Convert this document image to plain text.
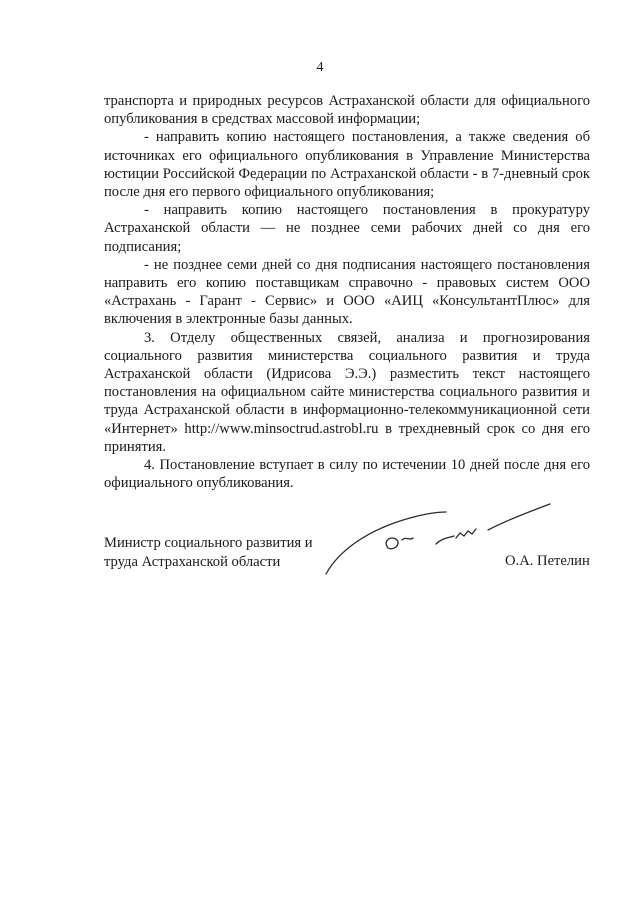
4

транспорта и природных ресурсов Астраханской области для официального опубликования в средствах массовой информации;

- направить копию настоящего постановления, а также сведения об источниках его официального опубликования в Управление Министерства юстиции Российской Федерации по Астраханской области - в 7-дневный срок после дня его первого официального опубликования;

- направить копию настоящего постановления в прокуратуру Астраханской области — не позднее семи рабочих дней со дня его подписания;

- не позднее семи дней со дня подписания настоящего постановления направить его копию поставщикам справочно - правовых систем ООО «Астрахань - Гарант - Сервис» и ООО «АИЦ «КонсультантПлюс» для включения в электронные базы данных.

3. Отделу общественных связей, анализа и прогнозирования социального развития министерства социального развития и труда Астраханской области (Идрисова Э.Э.) разместить текст настоящего постановления на официальном сайте министерства социального развития и труда Астраханской области в информационно-телекоммуникационной сети «Интернет» http://www.minsoctrud.astrobl.ru в трехдневный срок со дня его принятия.

4. Постановление вступает в силу по истечении 10 дней после дня его официального опубликования.

Министр социального развития и
труда Астраханской области	О.А. Петелин
